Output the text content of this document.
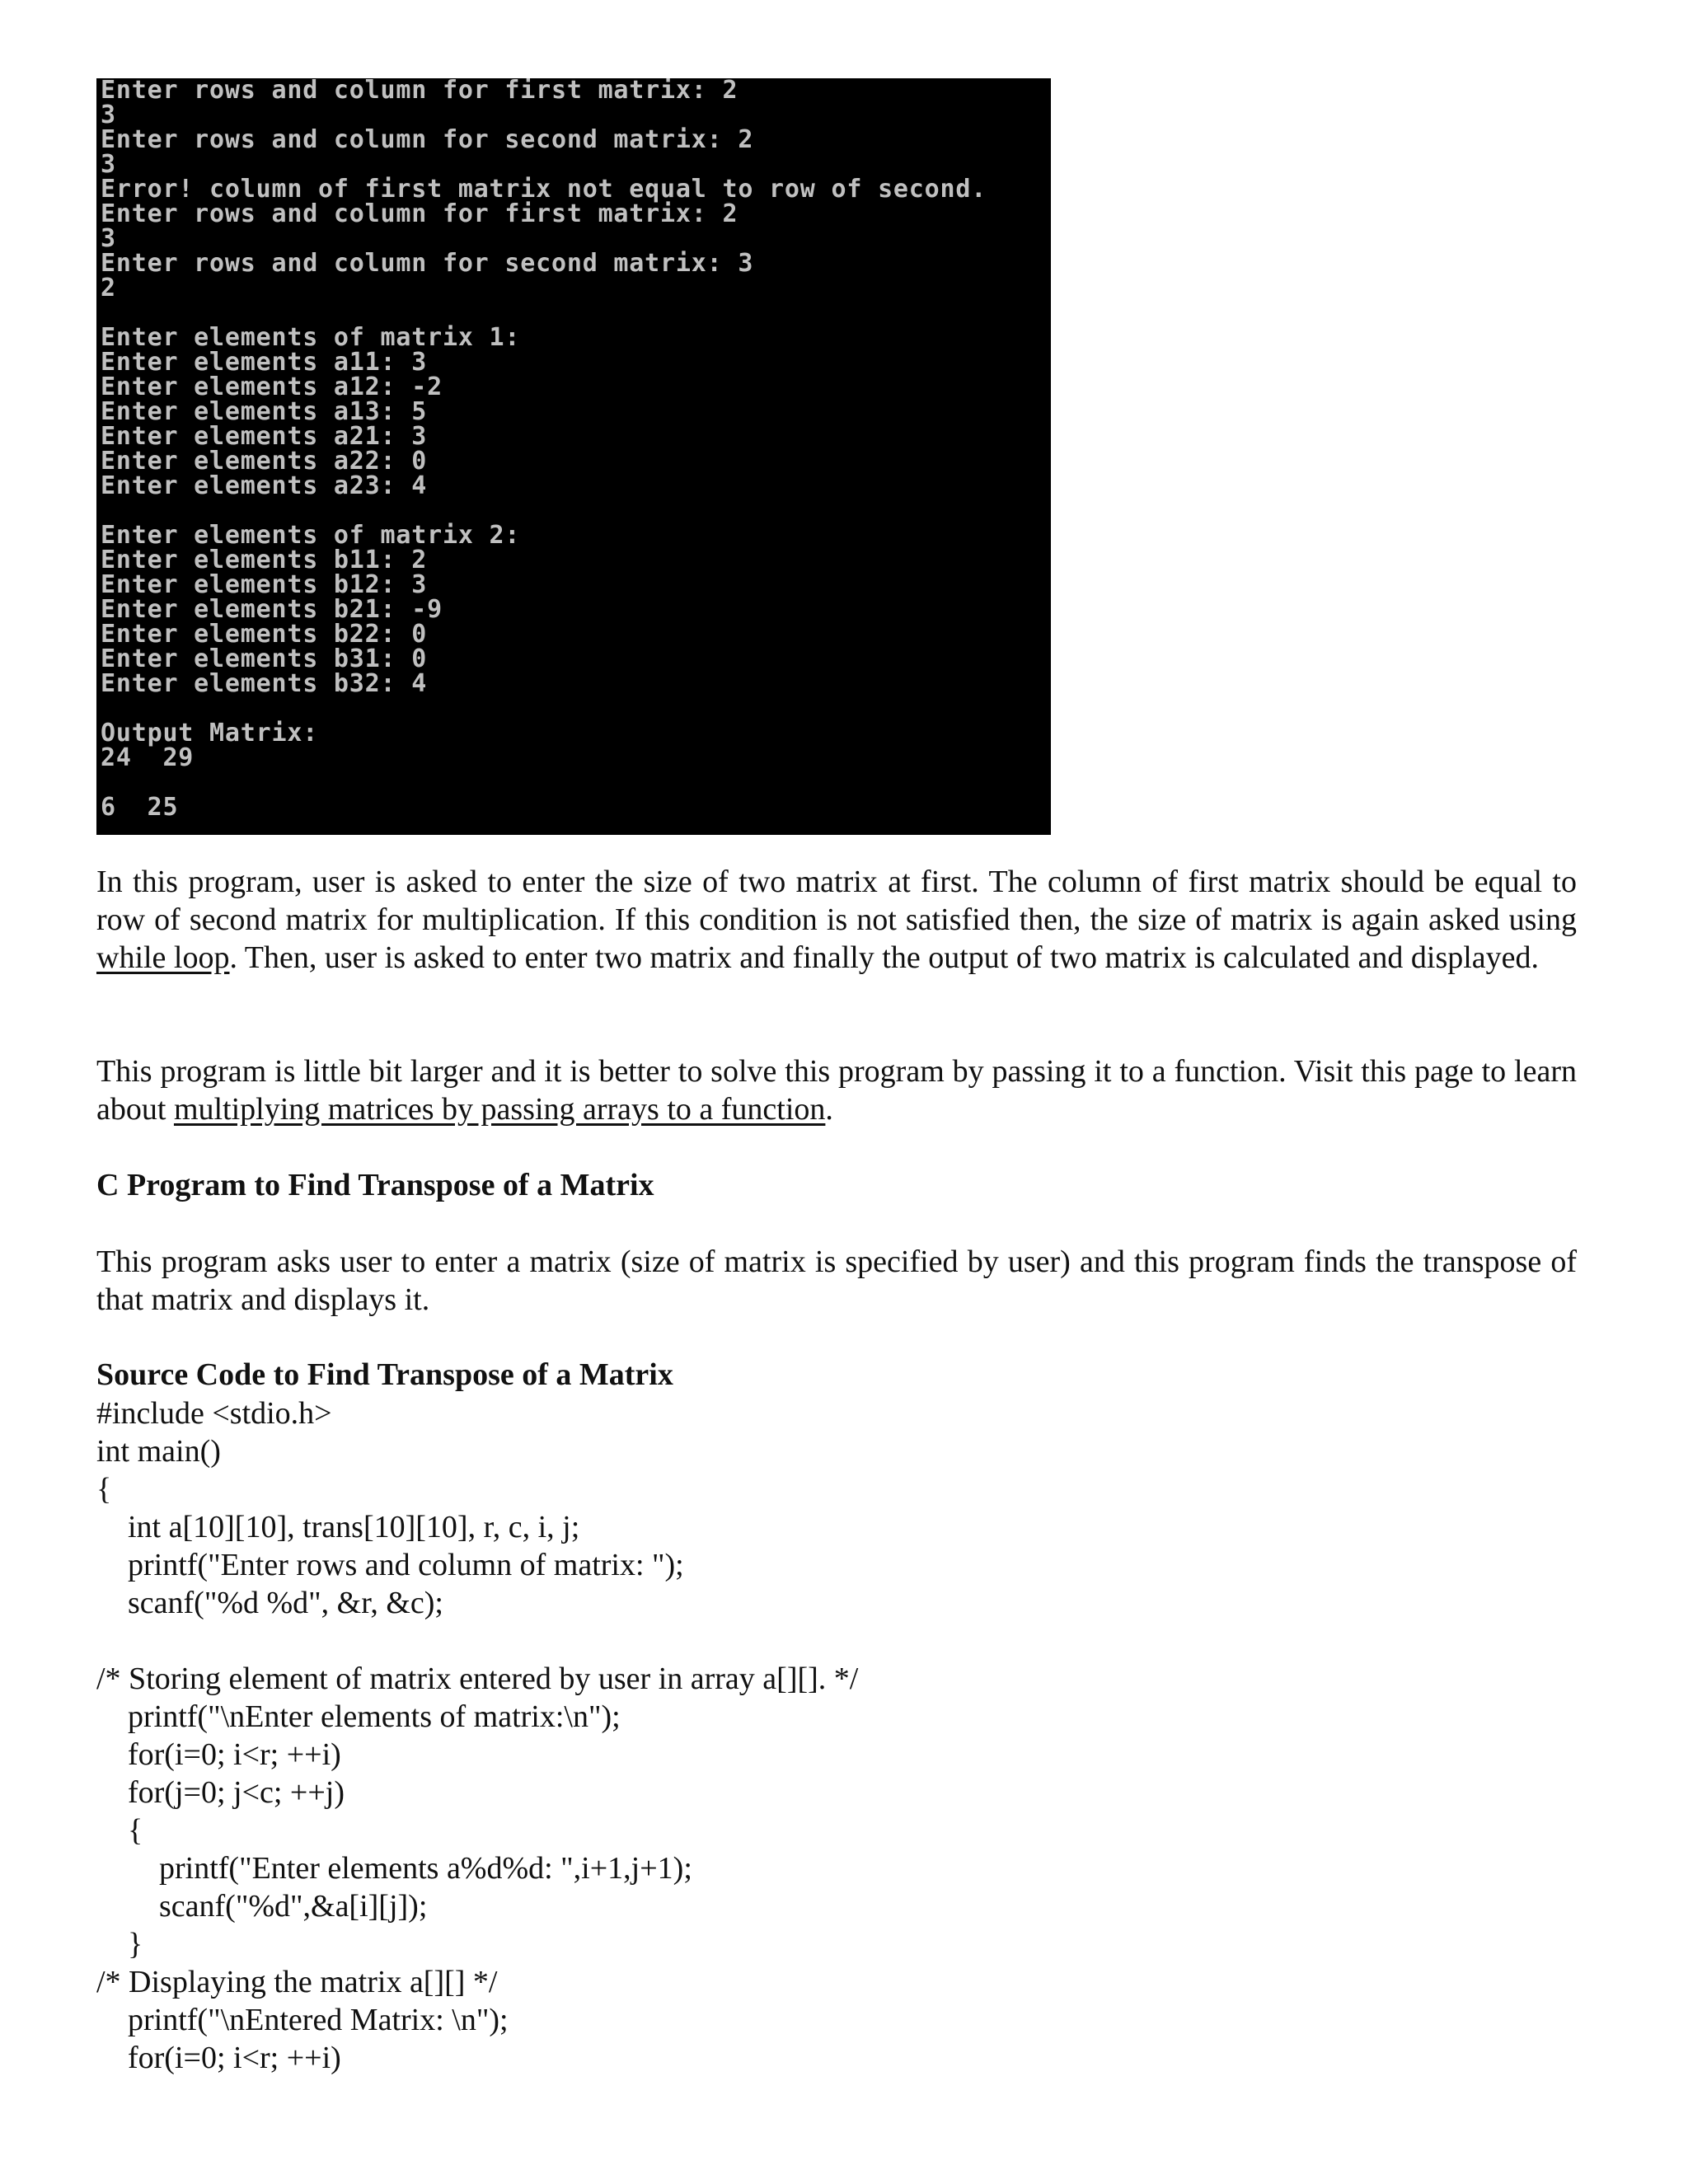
Enter rows and column for first matrix: 2
3
Enter rows and column for second matrix: 2
3
Error! column of first matrix not equal to row of second.
Enter rows and column for first matrix: 2
3
Enter rows and column for second matrix: 3
2
Enter elements of matrix 1:
Enter elements a11: 3
Enter elements a12: -2
Enter elements a13: 5
Enter elements a21: 3
Enter elements a22: 0
Enter elements a23: 4
Enter elements of matrix 2:
Enter elements b11: 2
Enter elements b12: 3
Enter elements b21: -9
Enter elements b22: 0
Enter elements b31: 0
Enter elements b32: 4
Output Matrix:
24  29
6  25

In this program, user is asked to enter the size of two matrix at first. The column of first matrix should be equal to row of second matrix for multiplication. If this condition is not satisfied then, the size of matrix is again asked using while loop. Then, user is asked to enter two matrix and finally the output of two matrix is calculated and displayed.

This program is little bit larger and it is better to solve this program by passing it to a function. Visit this page to learn about multiplying matrices by passing arrays to a function.

C Program to Find Transpose of a Matrix

This program asks user to enter a matrix (size of matrix is specified by user) and this program finds the transpose of that matrix and displays it.

Source Code to Find Transpose of a Matrix
#include <stdio.h>
int main()
{
int a[10][10], trans[10][10], r, c, i, j;
printf("Enter rows and column of matrix: ");
scanf("%d %d", &r, &c);
/* Storing element of matrix entered by user in array a[][]. */
printf("\nEnter elements of matrix:\n");
for(i=0; i<r; ++i)
for(j=0; j<c; ++j)
{
printf("Enter elements a%d%d: ",i+1,j+1);
scanf("%d",&a[i][j]);
}
/* Displaying the matrix a[][] */
printf("\nEntered Matrix: \n");
for(i=0; i<r; ++i)
